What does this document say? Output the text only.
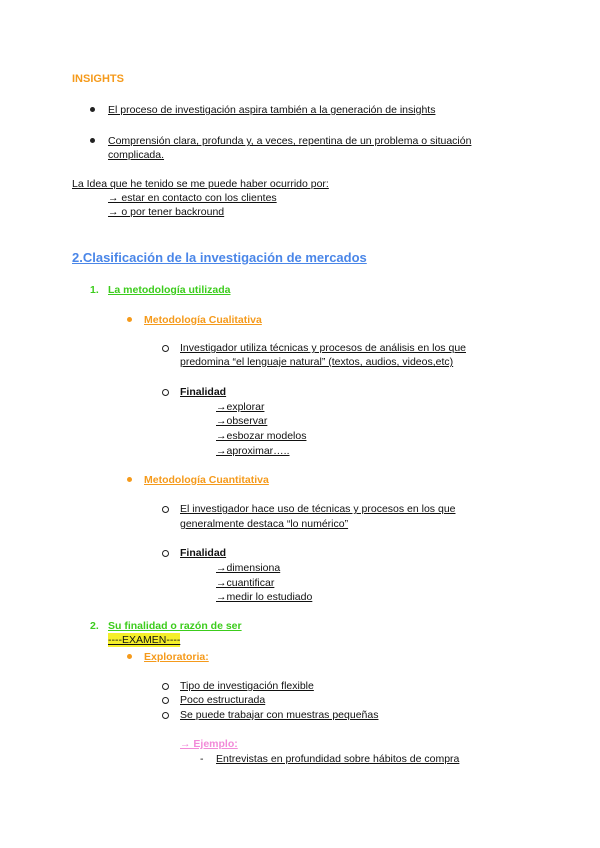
INSIGHTS
El proceso de investigación aspira también a la generación de insights
Comprensión clara, profunda y, a veces, repentina de un problema o situación
complicada.
La Idea que he tenido se me puede haber ocurrido por:
→ estar en contacto con los clientes
→ o por tener backround
2.Clasificación de la investigación de mercados
1. La metodología utilizada
Metodología Cualitativa
Investigador utiliza técnicas y procesos de análisis en los que
predomina “el lenguaje natural” (textos, audios, videos,etc)
Finalidad
→explorar
→observar
→esbozar modelos
→aproximar…..
Metodología Cuantitativa
El investigador hace uso de técnicas y procesos en los que
generalmente destaca “lo numérico”
Finalidad
→dimensiona
→cuantificar
→medir lo estudiado
2. Su finalidad o razón de ser
----EXAMEN----
Exploratoria:
Tipo de investigación flexible
Poco estructurada
Se puede trabajar con muestras pequeñas
→ Ejemplo:
- Entrevistas en profundidad sobre hábitos de compra
